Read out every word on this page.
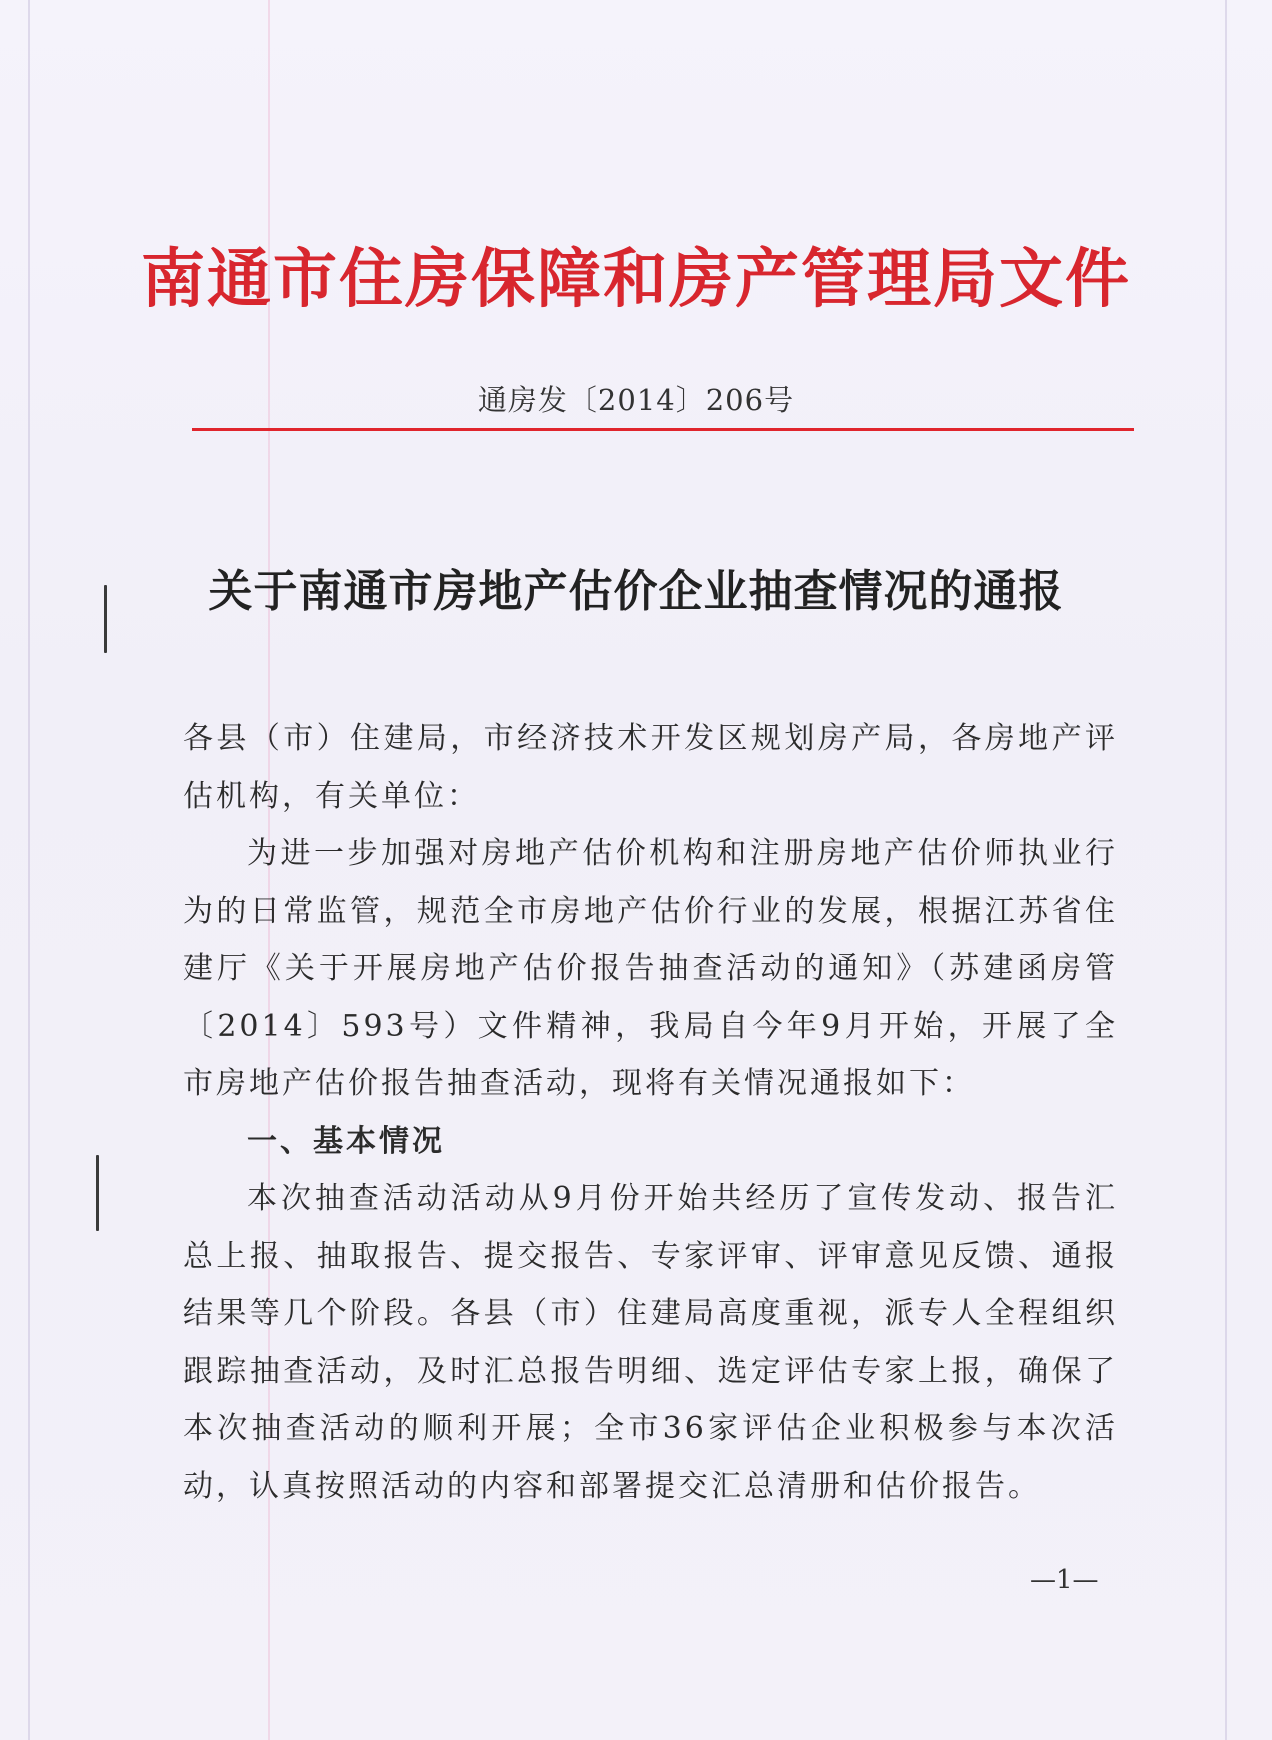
南通市住房保障和房产管理局文件
通房发〔2014〕206号
关于南通市房地产估价企业抽查情况的通报

各县（市）住建局，市经济技术开发区规划房产局，各房地产评估机构，有关单位：

为进一步加强对房地产估价机构和注册房地产估价师执业行为的日常监管，规范全市房地产估价行业的发展，根据江苏省住建厅《关于开展房地产估价报告抽查活动的通知》（苏建函房管〔2014〕593号）文件精神，我局自今年9月开始，开展了全市房地产估价报告抽查活动，现将有关情况通报如下：

一、基本情况

本次抽查活动活动从9月份开始共经历了宣传发动、报告汇总上报、抽取报告、提交报告、专家评审、评审意见反馈、通报结果等几个阶段。各县（市）住建局高度重视，派专人全程组织跟踪抽查活动，及时汇总报告明细、选定评估专家上报，确保了本次抽查活动的顺利开展；全市36家评估企业积极参与本次活动，认真按照活动的内容和部署提交汇总清册和估价报告。

—1—
